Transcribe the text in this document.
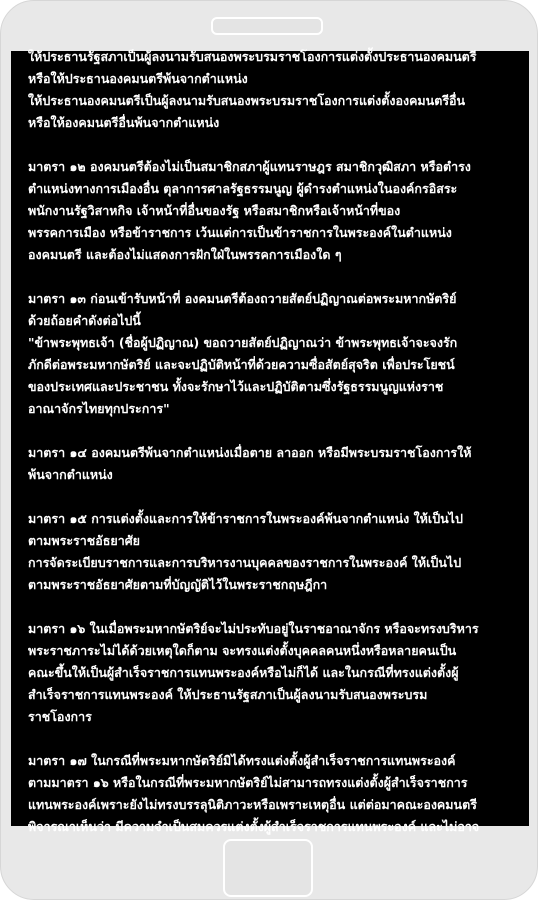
ให้ประธานรัฐสภาเป็นผู้ลงนามรับสนองพระบรมราชโองการแต่งตั้งประธานองคมนตรี
หรือให้ประธานองคมนตรีพ้นจากตำแหน่ง
ให้ประธานองคมนตรีเป็นผู้ลงนามรับสนองพระบรมราชโองการแต่งตั้งองคมนตรีอื่น
หรือให้องคมนตรีอื่นพ้นจากตำแหน่ง
มาตรา ๑๒ องคมนตรีต้องไม่เป็นสมาชิกสภาผู้แทนราษฎร สมาชิกวุฒิสภา หรือตำรง
ตำแหน่งทางการเมืองอื่น ตุลาการศาลรัฐธรรมนูญ ผู้ดำรงตำแหน่งในองค์กรอิสระ
พนักงานรัฐวิสาหกิจ เจ้าหน้าที่อื่นของรัฐ หรือสมาชิกหรือเจ้าหน้าที่ของ
พรรคการเมือง หรือข้าราชการ เว้นแต่การเป็นข้าราชการในพระองค์ในตำแหน่ง
องคมนตรี และต้องไม่แสดงการฝักใฝ่ในพรรคการเมืองใด ๆ
มาตรา ๑๓ ก่อนเข้ารับหน้าที่ องคมนตรีต้องถวายสัตย์ปฏิญาณต่อพระมหากษัตริย์
ด้วยถ้อยคำดังต่อไปนี้
"ข้าพระพุทธเจ้า (ชื่อผู้ปฏิญาณ) ขอถวายสัตย์ปฏิญาณว่า ข้าพระพุทธเจ้าจะจงรัก
ภักดีต่อพระมหากษัตริย์ และจะปฏิบัติหน้าที่ด้วยความซื่อสัตย์สุจริต เพื่อประโยชน์
ของประเทศและประชาชน ทั้งจะรักษาไว้และปฏิบัติตามซึ่งรัฐธรรมนูญแห่งราช
อาณาจักรไทยทุกประการ"
มาตรา ๑๔ องคมนตรีพ้นจากตำแหน่งเมื่อตาย ลาออก หรือมีพระบรมราชโองการให้
พ้นจากตำแหน่ง
มาตรา ๑๕ การแต่งตั้งและการให้ข้าราชการในพระองค์พ้นจากตำแหน่ง ให้เป็นไป
ตามพระราชอัธยาศัย
การจัดระเบียบราชการและการบริหารงานบุคคลของราชการในพระองค์ ให้เป็นไป
ตามพระราชอัธยาศัยตามที่บัญญัติไว้ในพระราชกฤษฎีกา
มาตรา ๑๖ ในเมื่อพระมหากษัตริย์จะไม่ประทับอยู่ในราชอาณาจักร หรือจะทรงบริหาร
พระราชภาระไม่ได้ด้วยเหตุใดก็ตาม จะทรงแต่งตั้งบุคคลคนหนึ่งหรือหลายคนเป็น
คณะขึ้นให้เป็นผู้สำเร็จราชการแทนพระองค์หรือไม่ก็ได้ และในกรณีที่ทรงแต่งตั้งผู้
สำเร็จราชการแทนพระองค์ ให้ประธานรัฐสภาเป็นผู้ลงนามรับสนองพระบรม
ราชโองการ
มาตรา ๑๗ ในกรณีที่พระมหากษัตริย์มิได้ทรงแต่งตั้งผู้สำเร็จราชการแทนพระองค์
ตามมาตรา ๑๖ หรือในกรณีที่พระมหากษัตริย์ไม่สามารถทรงแต่งตั้งผู้สำเร็จราชการ
แทนพระองค์เพราะยังไม่ทรงบรรลุนิติภาวะหรือเพราะเหตุอื่น แต่ต่อมาคณะองคมนตรี
พิจารณาเห็นว่า มีความจำเป็นสมควรแต่งตั้งผู้สำเร็จราชการแทนพระองค์ และไม่อาจ
